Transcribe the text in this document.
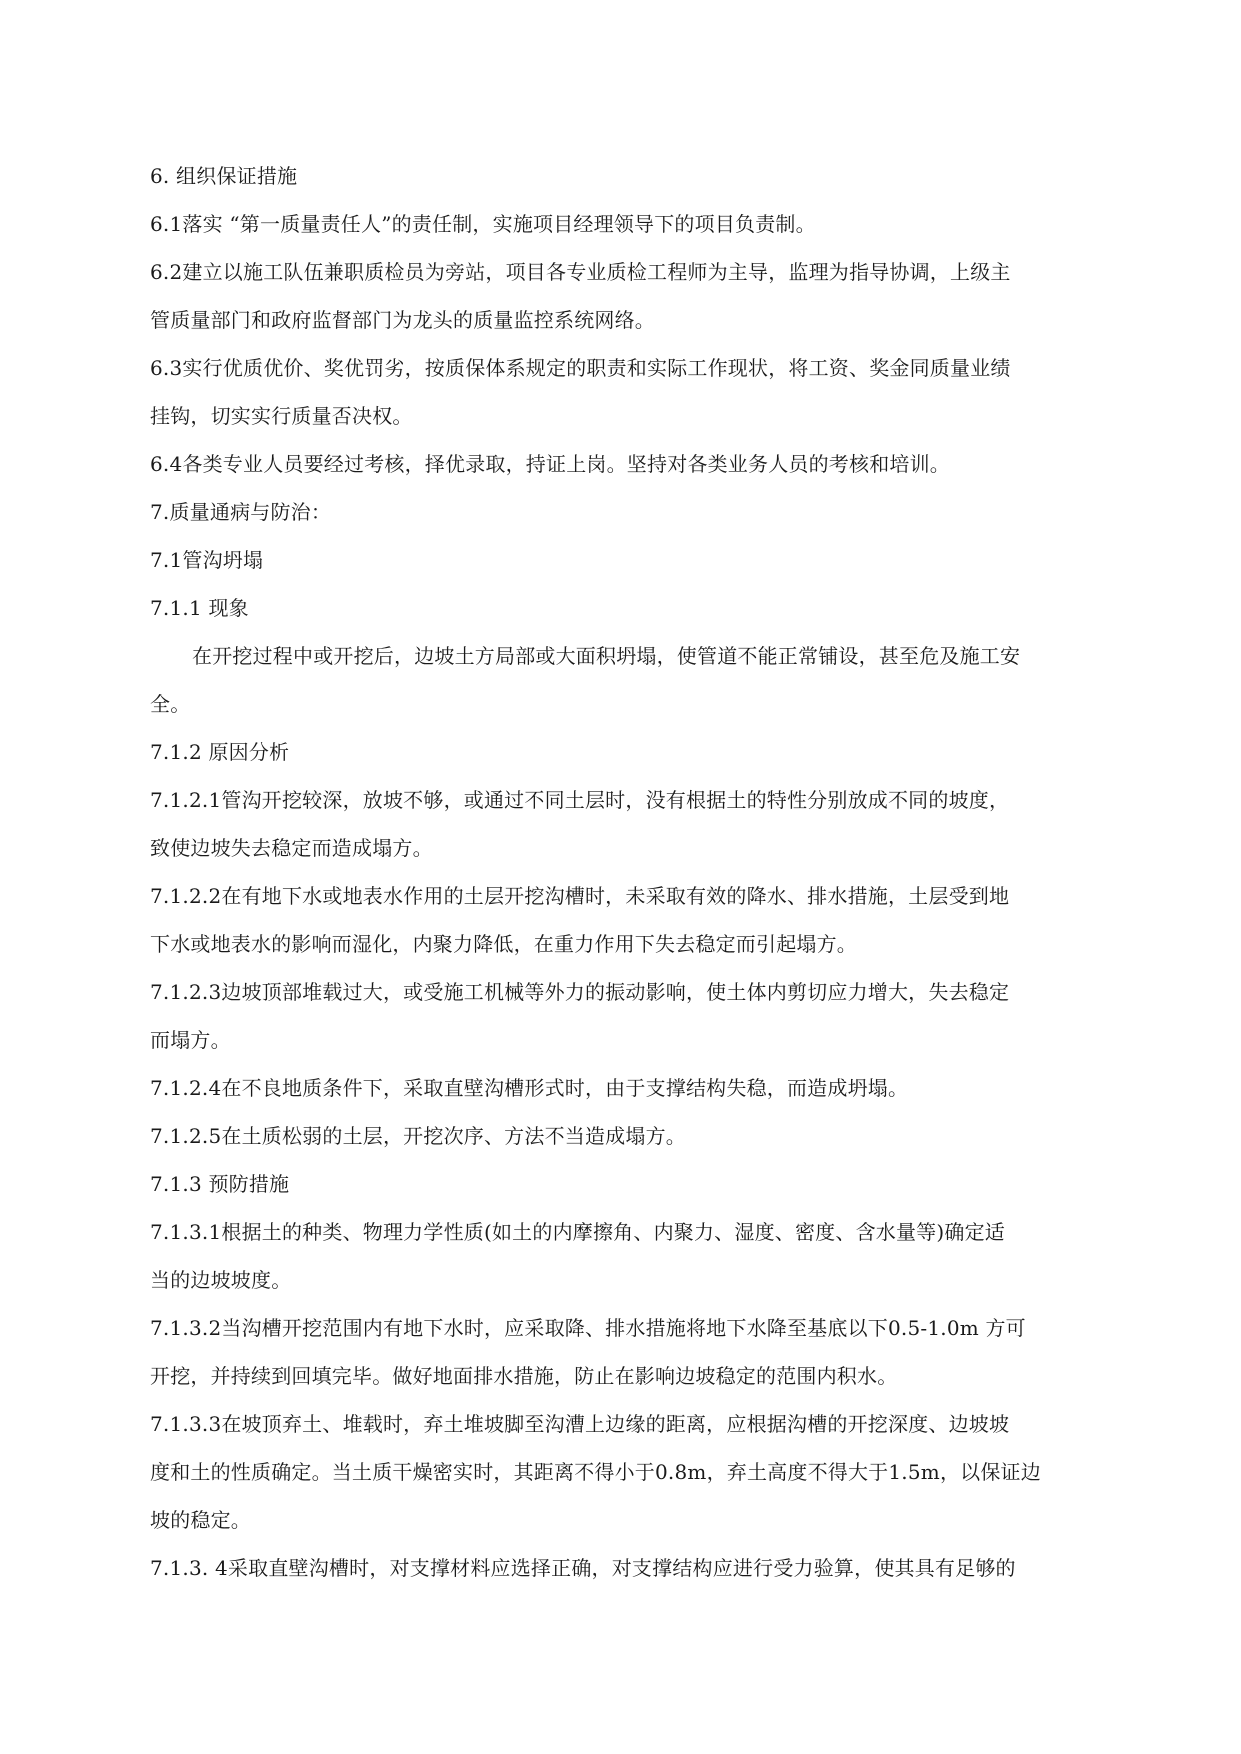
6. 组织保证措施
6.1落实 “第一质量责任人”的责任制，实施项目经理领导下的项目负责制。
6.2建立以施工队伍兼职质检员为旁站，项目各专业质检工程师为主导，监理为指导协调，上级主
管质量部门和政府监督部门为龙头的质量监控系统网络。
6.3实行优质优价、奖优罚劣，按质保体系规定的职责和实际工作现状，将工资、奖金同质量业绩
挂钩，切实实行质量否决权。
6.4各类专业人员要经过考核，择优录取，持证上岗。坚持对各类业务人员的考核和培训。
7.质量通病与防治：
7.1管沟坍塌
7.1.1 现象
在开挖过程中或开挖后，边坡土方局部或大面积坍塌，使管道不能正常铺设，甚至危及施工安
全。
7.1.2 原因分析
7.1.2.1管沟开挖较深，放坡不够，或通过不同土层时，没有根据土的特性分别放成不同的坡度，
致使边坡失去稳定而造成塌方。
7.1.2.2在有地下水或地表水作用的土层开挖沟槽时，未采取有效的降水、排水措施，土层受到地
下水或地表水的影响而湿化，内聚力降低，在重力作用下失去稳定而引起塌方。
7.1.2.3边坡顶部堆载过大，或受施工机械等外力的振动影响，使土体内剪切应力增大，失去稳定
而塌方。
7.1.2.4在不良地质条件下，采取直壁沟槽形式时，由于支撑结构失稳，而造成坍塌。
7.1.2.5在土质松弱的土层，开挖次序、方法不当造成塌方。
7.1.3 预防措施
7.1.3.1根据土的种类、物理力学性质(如土的内摩擦角、内聚力、湿度、密度、含水量等)确定适
当的边坡坡度。
7.1.3.2当沟槽开挖范围内有地下水时，应采取降、排水措施将地下水降至基底以下0.5-1.0m 方可
开挖，并持续到回填完毕。做好地面排水措施，防止在影响边坡稳定的范围内积水。
7.1.3.3在坡顶弃土、堆载时，弃土堆坡脚至沟漕上边缘的距离，应根据沟槽的开挖深度、边坡坡
度和土的性质确定。当土质干燥密实时，其距离不得小于0.8m，弃土高度不得大于1.5m，以保证边
坡的稳定。
7.1.3. 4采取直壁沟槽时，对支撑材料应选择正确，对支撑结构应进行受力验算，使其具有足够的
